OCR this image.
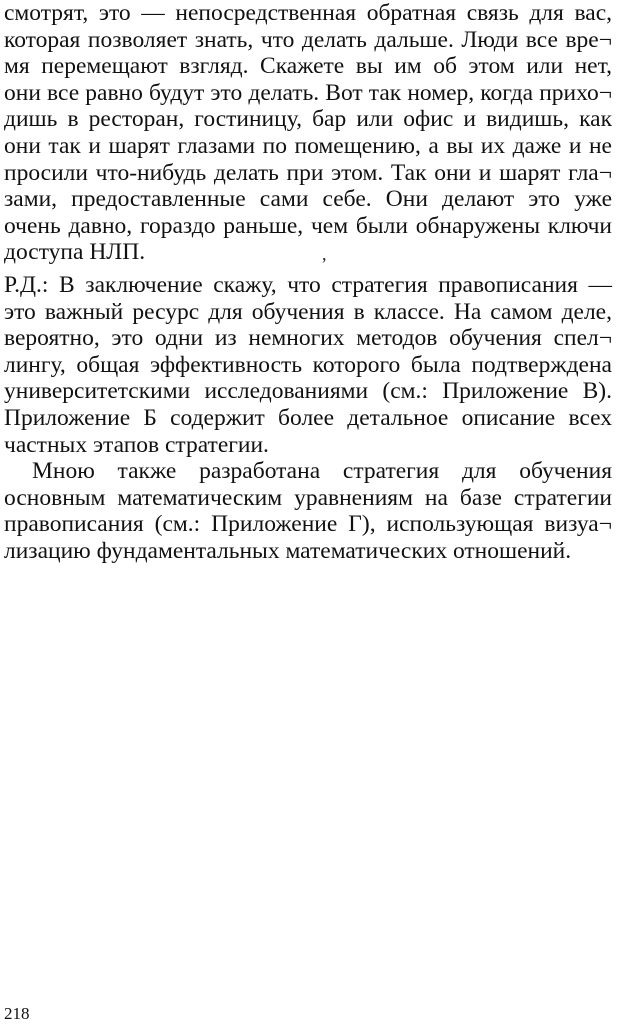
смотрят, это — непосредственная обратная связь для вас,
которая позволяет знать, что делать дальше. Люди все вре¬
мя перемещают взгляд. Скажете вы им об этом или нет,
они все равно будут это делать. Вот так номер, когда прихо¬
дишь в ресторан, гостиницу, бар или офис и видишь, как
они так и шарят глазами по помещению, а вы их даже и не
просили что-нибудь делать при этом. Так они и шарят гла¬
зами, предоставленные сами себе. Они делают это уже
очень давно, гораздо раньше, чем были обнаружены ключи
доступа НЛП.

Р.Д.: В заключение скажу, что стратегия правописания —
это важный ресурс для обучения в классе. На самом деле,
вероятно, это одни из немногих методов обучения спел¬
лингу, общая эффективность которого была подтверждена
университетскими исследованиями (см.: Приложение В).
Приложение Б содержит более детальное описание всех
частных этапов стратегии.

Мною также разработана стратегия для обучения
основным математическим уравнениям на базе стратегии
правописания (см.: Приложение Г), использующая визуа¬
лизацию фундаментальных математических отношений.

,
218
